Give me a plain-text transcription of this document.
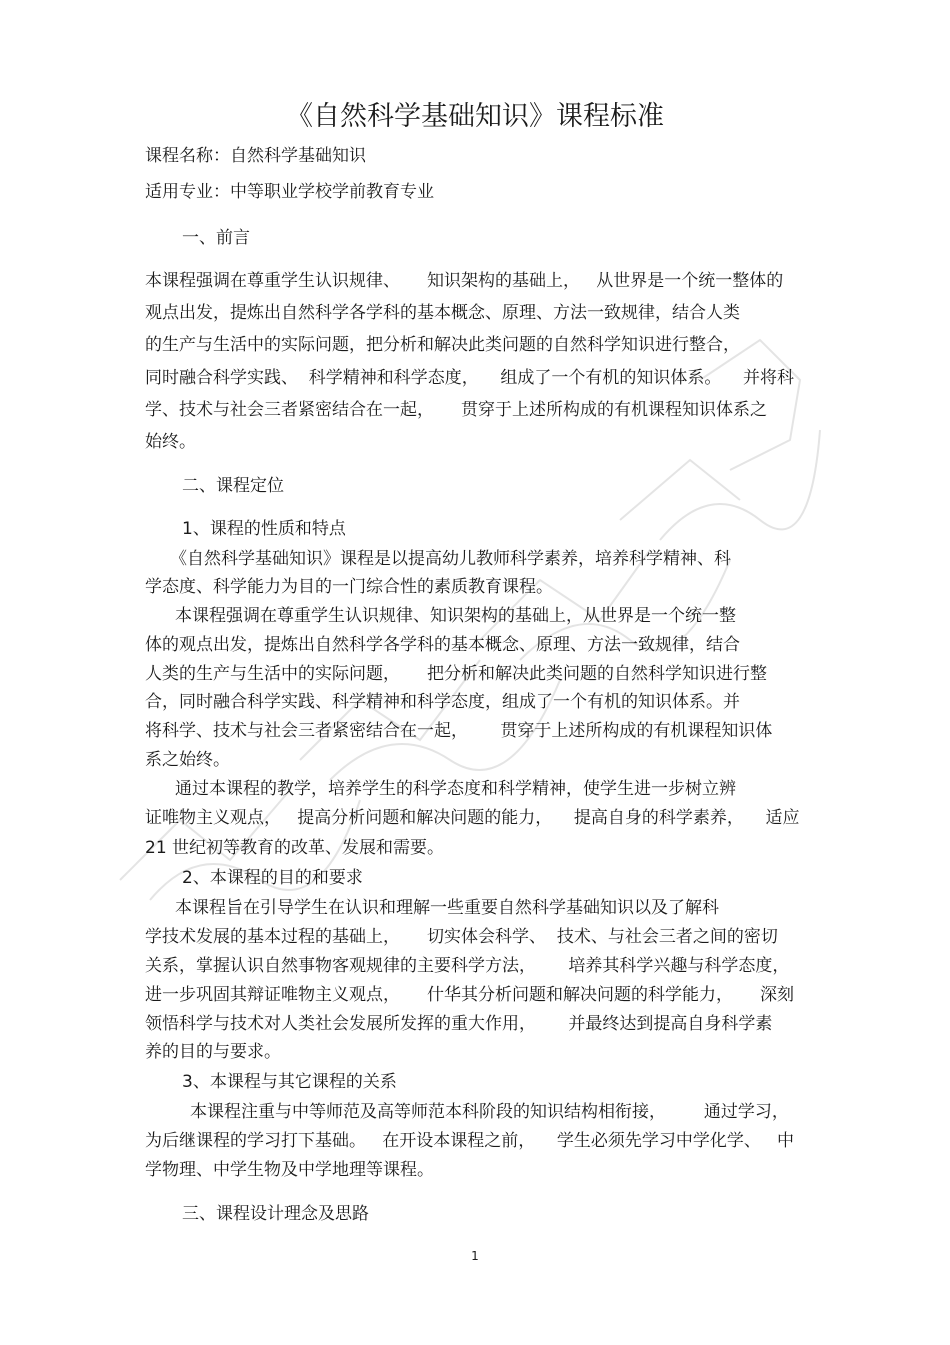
《自然科学基础知识》课程标准
课程名称：自然科学基础知识
适用专业：中等职业学校学前教育专业
一、前言
本课程强调在尊重学生认识规律、     知识架构的基础上，   从世界是一个统一整体的
观点出发，提炼出自然科学各学科的基本概念、原理、方法一致规律，结合人类
的生产与生活中的实际问题，把分析和解决此类问题的自然科学知识进行整合，
同时融合科学实践、  科学精神和科学态度，    组成了一个有机的知识体系。    并将科
学、技术与社会三者紧密结合在一起，     贯穿于上述所构成的有机课程知识体系之
始终。
二、课程定位
1、课程的性质和特点
《自然科学基础知识》课程是以提高幼儿教师科学素养，培养科学精神、科
学态度、科学能力为目的一门综合性的素质教育课程。
本课程强调在尊重学生认识规律、知识架构的基础上，从世界是一个统一整
体的观点出发，提炼出自然科学各学科的基本概念、原理、方法一致规律，结合
人类的生产与生活中的实际问题，     把分析和解决此类问题的自然科学知识进行整
合，同时融合科学实践、科学精神和科学态度，组成了一个有机的知识体系。并
将科学、技术与社会三者紧密结合在一起，      贯穿于上述所构成的有机课程知识体
系之始终。
通过本课程的教学，培养学生的科学态度和科学精神，使学生进一步树立辨
证唯物主义观点，   提高分析问题和解决问题的能力，    提高自身的科学素养，    适应
21 世纪初等教育的改革、发展和需要。
2、本课程的目的和要求
本课程旨在引导学生在认识和理解一些重要自然科学基础知识以及了解科
学技术发展的基本过程的基础上，     切实体会科学、  技术、与社会三者之间的密切
关系，掌握认识自然事物客观规律的主要科学方法，      培养其科学兴趣与科学态度，
进一步巩固其辩证唯物主义观点，     什华其分析问题和解决问题的科学能力，     深刻
领悟科学与技术对人类社会发展所发挥的重大作用，      并最终达到提高自身科学素
养的目的与要求。
3、本课程与其它课程的关系
本课程注重与中等师范及高等师范本科阶段的知识结构相衔接，       通过学习，
为后继课程的学习打下基础。   在开设本课程之前，    学生必须先学习中学化学、   中
学物理、中学生物及中学地理等课程。
三、课程设计理念及思路
1
